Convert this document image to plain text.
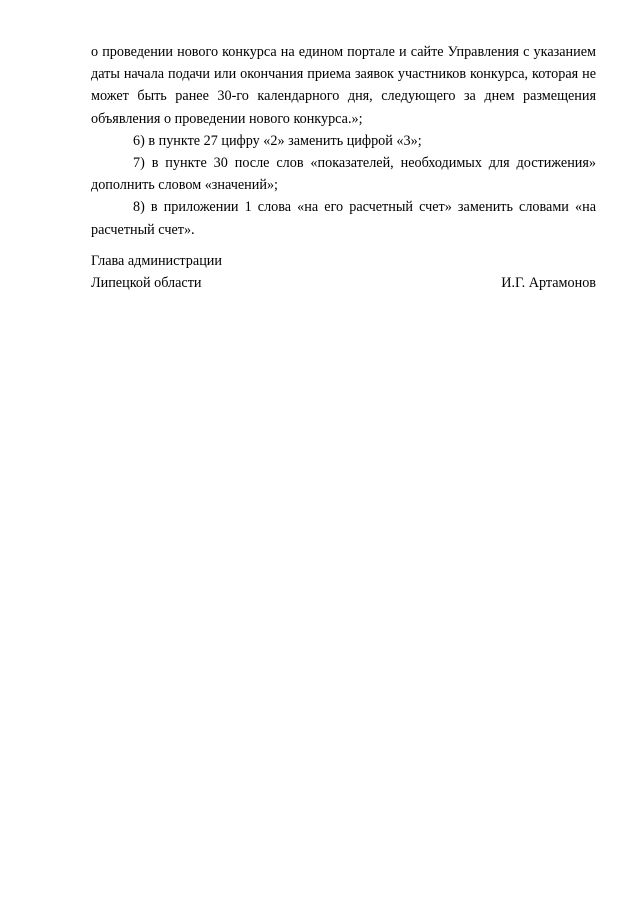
о проведении нового конкурса на едином портале и сайте Управления с указанием даты начала подачи или окончания приема заявок участников конкурса, которая не может быть ранее 30-го календарного дня, следующего за днем размещения объявления о проведении нового конкурса.»;

6) в пункте 27 цифру «2» заменить цифрой «3»;

7) в пункте 30 после слов «показателей, необходимых для достижения» дополнить словом «значений»;

8) в приложении 1 слова «на его расчетный счет» заменить словами «на расчетный счет».

Глава администрации
Липецкой области	И.Г. Артамонов
